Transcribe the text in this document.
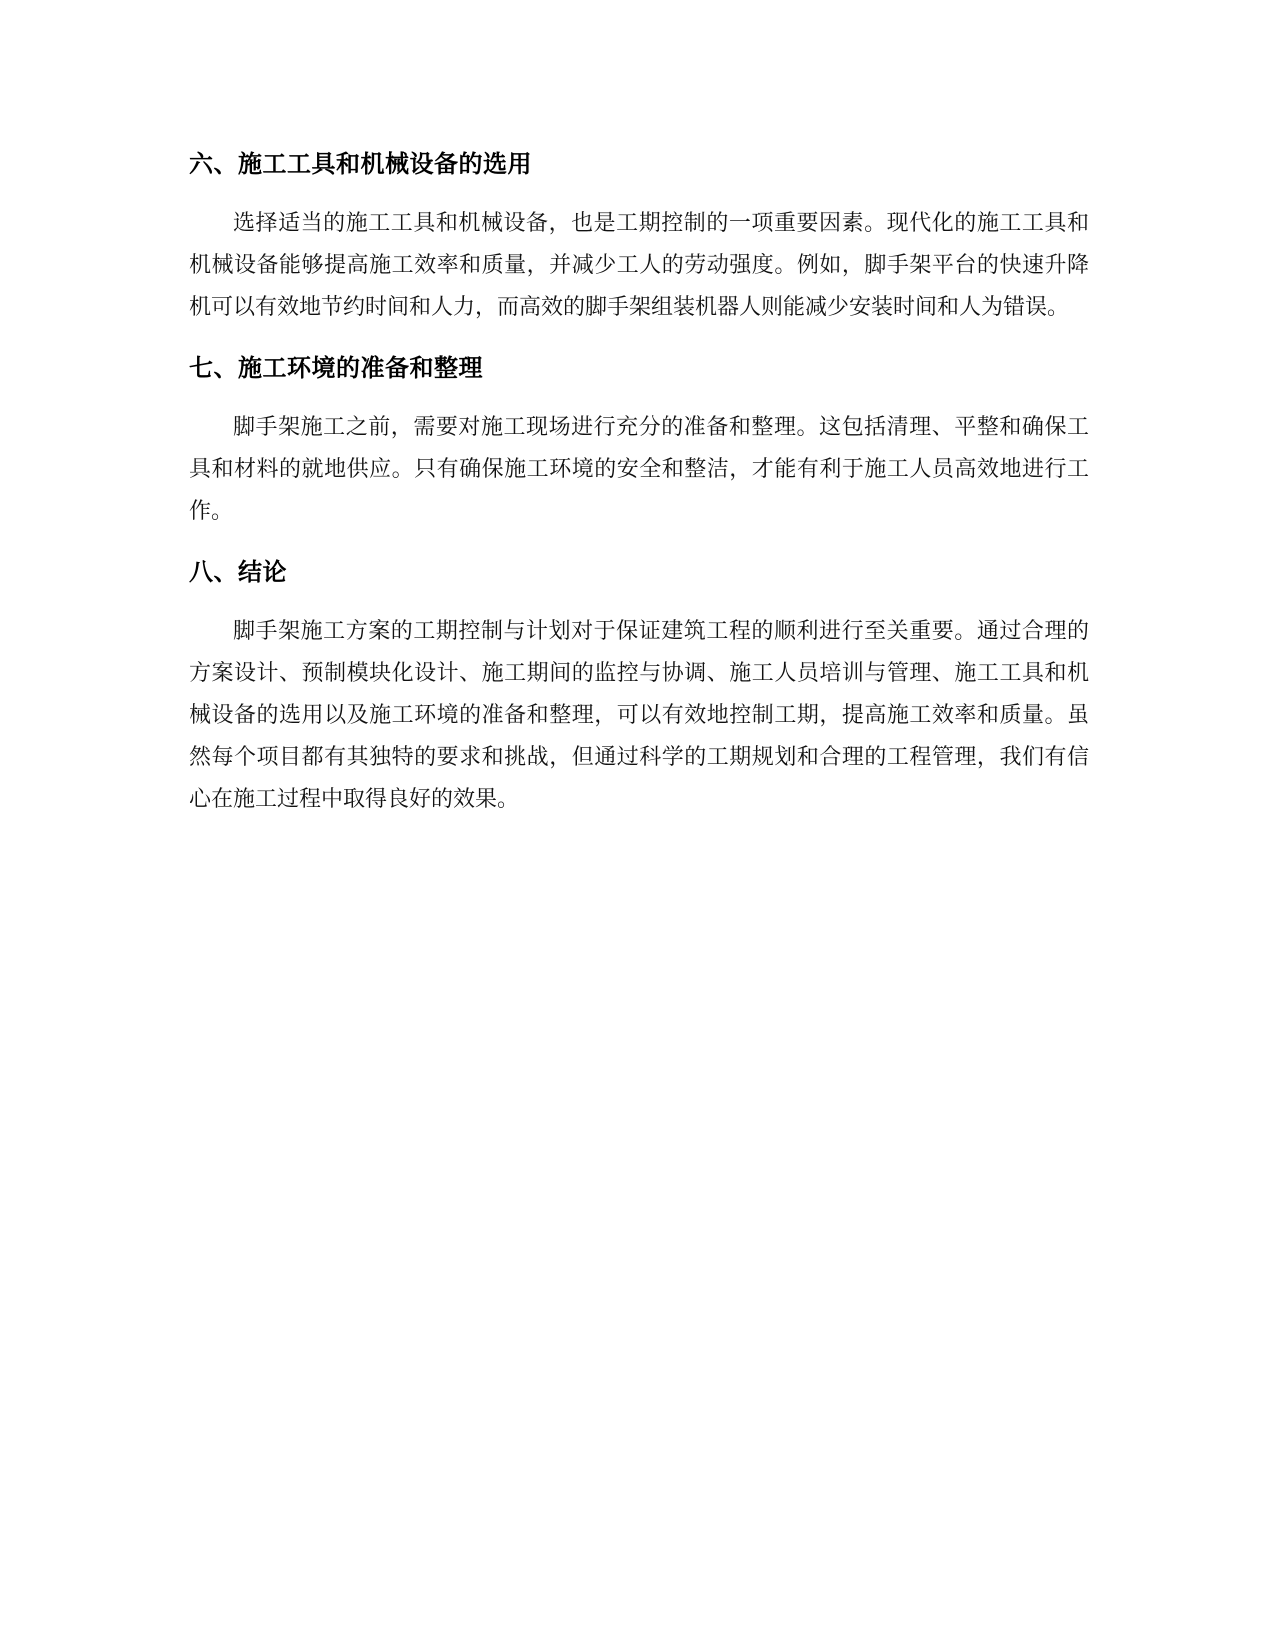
六、施工工具和机械设备的选用

选择适当的施工工具和机械设备，也是工期控制的一项重要因素。现代化的施工工具和机械设备能够提高施工效率和质量，并减少工人的劳动强度。例如，脚手架平台的快速升降机可以有效地节约时间和人力，而高效的脚手架组装机器人则能减少安装时间和人为错误。

七、施工环境的准备和整理

脚手架施工之前，需要对施工现场进行充分的准备和整理。这包括清理、平整和确保工具和材料的就地供应。只有确保施工环境的安全和整洁，才能有利于施工人员高效地进行工作。

八、结论

脚手架施工方案的工期控制与计划对于保证建筑工程的顺利进行至关重要。通过合理的方案设计、预制模块化设计、施工期间的监控与协调、施工人员培训与管理、施工工具和机械设备的选用以及施工环境的准备和整理，可以有效地控制工期，提高施工效率和质量。虽然每个项目都有其独特的要求和挑战，但通过科学的工期规划和合理的工程管理，我们有信心在施工过程中取得良好的效果。
